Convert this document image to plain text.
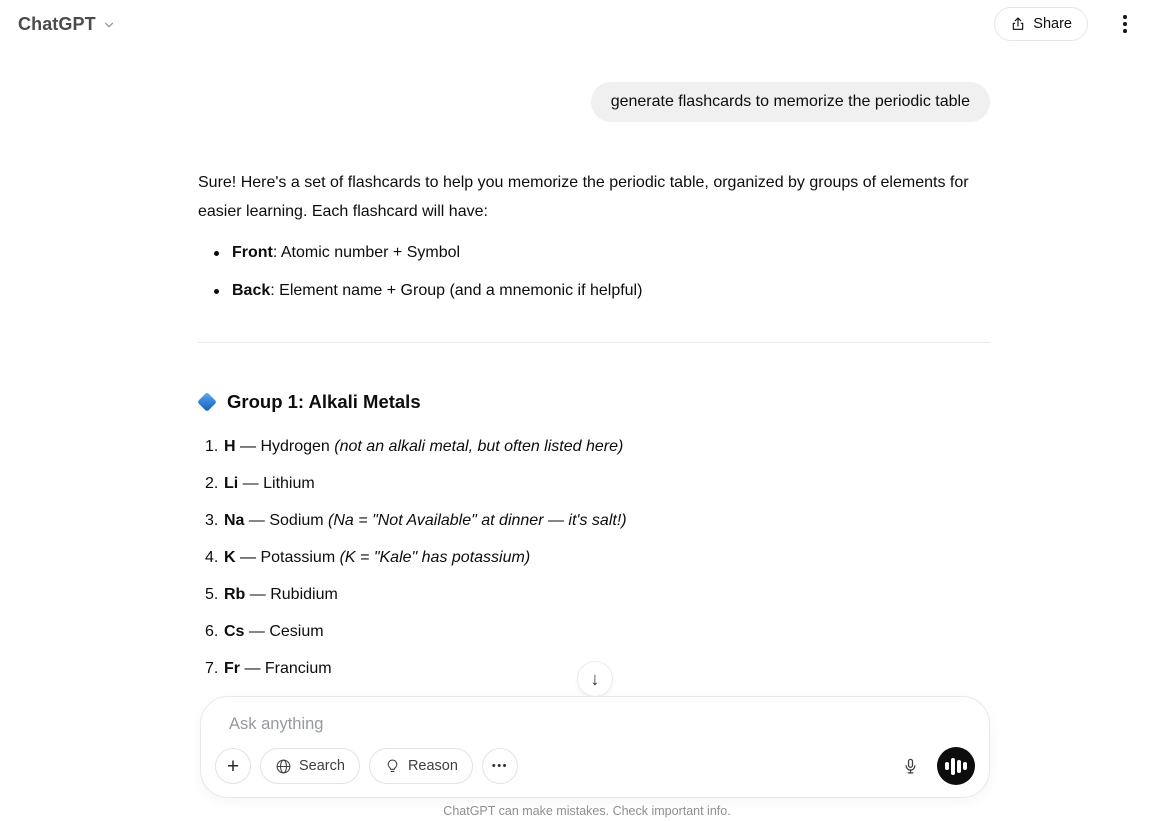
ChatGPT	Share
generate flashcards to memorize the periodic table

Sure! Here's a set of flashcards to help you memorize the periodic table, organized by groups of elements for easier learning. Each flashcard will have:

Front: Atomic number + Symbol
Back: Element name + Group (and a mnemonic if helpful)
Group 1: Alkali Metals
1. H — Hydrogen (not an alkali metal, but often listed here)
2. Li — Lithium
3. Na — Sodium (Na = "Not Available" at dinner — it's salt!)
4. K — Potassium (K = "Kale" has potassium)
5. Rb — Rubidium
6. Cs — Cesium
7. Fr — Francium	↓
Ask anything
+	Search	Reason	•••
ChatGPT can make mistakes. Check important info.
